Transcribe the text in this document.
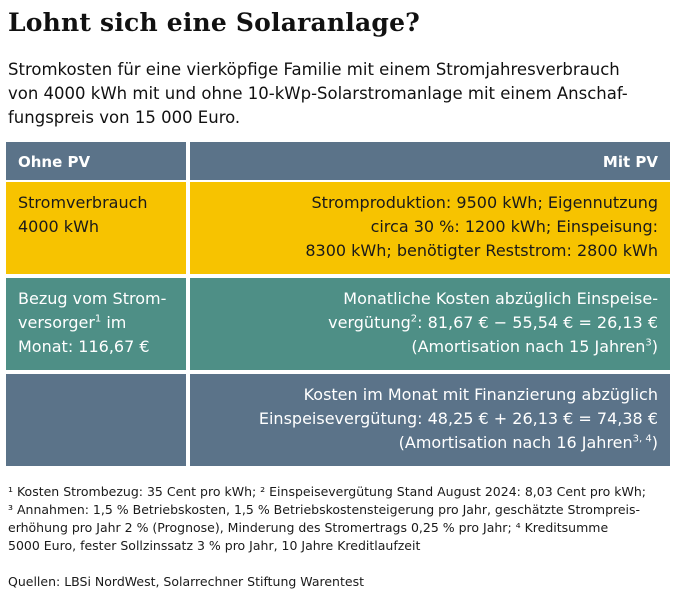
Lohnt sich eine Solaranlage?
Stromkosten für eine vierköpfige Familie mit einem Stromjahresverbrauch
von 4000 kWh mit und ohne 10-kWp-Solarstromanlage mit einem Anschaf-
fungspreis von 15 000 Euro.
Ohne PV	Mit PV
Stromverbrauch
4000 kWh
Stromproduktion: 9500 kWh; Eigennutzung
circa 30 %: 1200 kWh; Einspeisung:
8300 kWh; benötigter Reststrom: 2800 kWh
Bezug vom Strom-
versorger$^1$ im
Monat: 116,67 €
Monatliche Kosten abzüglich Einspeise-
vergütung$^2$: 81,67 € − 55,54 € = 26,13 €
(Amortisation nach 15 Jahren$^3$)
Kosten im Monat mit Finanzierung abzüglich
Einspeisevergütung: 48,25 € + 26,13 € = 74,38 €
(Amortisation nach 16 Jahren$^{3, 4}$)
¹ Kosten Strombezug: 35 Cent pro kWh; ² Einspeisevergütung Stand August 2024: 8,03 Cent pro kWh;
³ Annahmen: 1,5 % Betriebskosten, 1,5 % Betriebskostensteigerung pro Jahr, geschätzte Strompreis-
erhöhung pro Jahr 2 % (Prognose), Minderung des Stromertrags 0,25 % pro Jahr; ⁴ Kreditsumme
5000 Euro, fester Sollzinssatz 3 % pro Jahr, 10 Jahre Kreditlaufzeit
Quellen: LBSi NordWest, Solarrechner Stiftung Warentest
